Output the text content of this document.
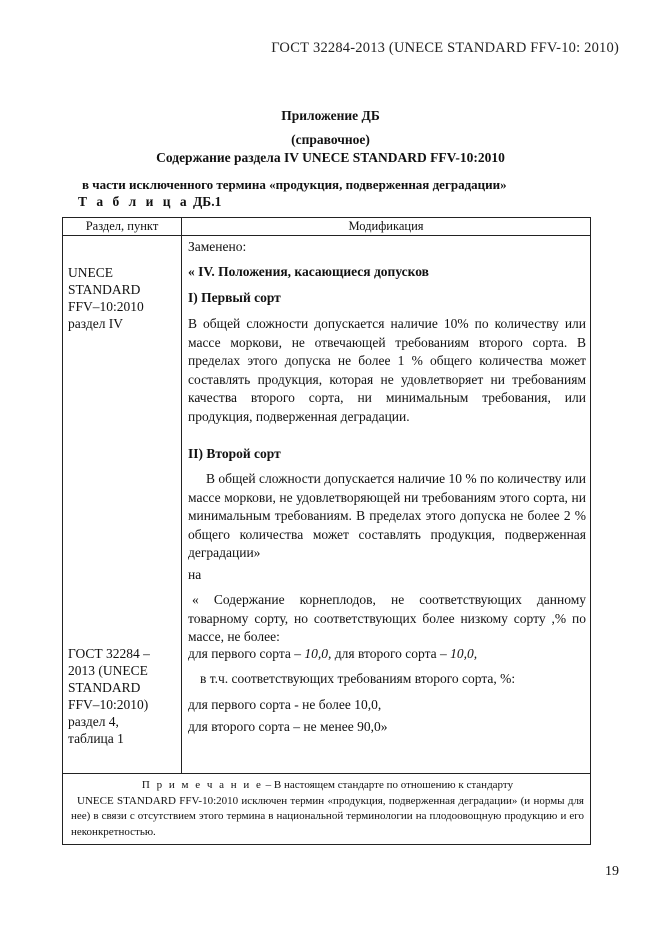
ГОСТ 32284-2013 (UNECE STANDARD FFV-10: 2010)
Приложение ДБ
(справочное)
Содержание раздела IV UNECE STANDARD FFV-10:2010
в части исключенного термина «продукция, подверженная деградации»
Т а б л и ц а ДБ.1
Раздел, пункт	Модификация
UNECE
STANDARD
FFV–10:2010
раздел IV
ГОСТ 32284 –
2013 (UNECE
STANDARD
FFV–10:2010)
раздел 4,
таблица 1

Заменено:

« IV. Положения, касающиеся допусков

I) Первый сорт

В общей сложности допускается наличие 10% по количеству или массе моркови, не отвечающей требованиям второго сорта. В пределах этого допуска не более 1 % общего количества может составлять продукция, которая не удовлетворяет ни требованиям качества второго сорта, ни минимальным требования, или продукция, подверженная деградации.

II) Второй сорт

В общей сложности допускается наличие 10 % по количеству или массе моркови, не удовлетворяющей ни требованиям этого сорта, ни минимальным требованиям. В пределах этого допуска не более 2 % общего количества может составлять продукция, подверженная деградации»

на

« Содержание корнеплодов, не соответствующих данному товарному сорту, но соответствующих более низкому сорту ,% по массе, не более:

для первого сорта – 10,0, для второго сорта – 10,0,

в т.ч. соответствующих требованиям второго сорта, %:

для первого сорта - не более 10,0,

для второго сорта – не менее 90,0»

П р и м е ч а н и е – В настоящем стандарте по отношению к стандарту
UNECE STANDARD FFV-10:2010 исключен термин «продукция, подверженная деградации» (и нормы для нее) в связи с отсутствием этого термина в национальной терминологии на плодоовощную продукцию и его неконкретностью.
19
